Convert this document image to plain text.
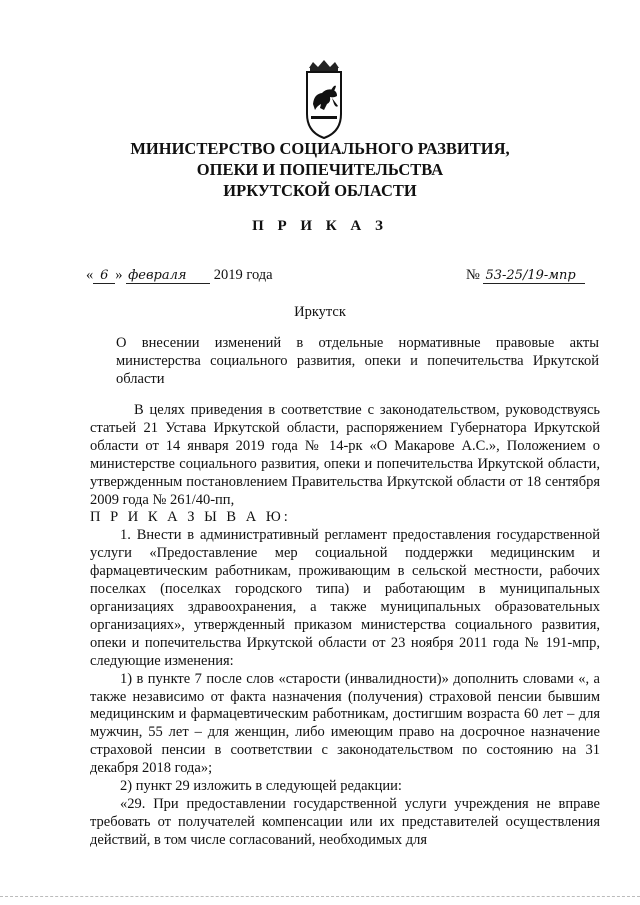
МИНИСТЕРСТВО СОЦИАЛЬНОГО РАЗВИТИЯ,
ОПЕКИ И ПОПЕЧИТЕЛЬСТВА
ИРКУТСКОЙ ОБЛАСТИ
П Р И К А З
« 6 » февраля 2019 года	№ 53-25/19-мпр
Иркутск
О внесении изменений в отдельные нормативные правовые акты министерства социального развития, опеки и попечительства Иркутской области

В целях приведения в соответствие с законодательством, руководствуясь статьей 21 Устава Иркутской области, распоряжением Губернатора Иркутской области от 14 января 2019 года № 14-рк «О Макарове А.С.», Положением о министерстве социального развития, опеки и попечительства Иркутской области, утвержденным постановлением Правительства Иркутской области от 18 сентября 2009 года № 261/40-пп,

П Р И К А З Ы В А Ю:

1. Внести в административный регламент предоставления государственной услуги «Предоставление мер социальной поддержки медицинским и фармацевтическим работникам, проживающим в сельской местности, рабочих поселках (поселках городского типа) и работающим в муниципальных организациях здравоохранения, а также муниципальных образовательных организациях», утвержденный приказом министерства социального развития, опеки и попечительства Иркутской области от 23 ноября 2011 года № 191-мпр, следующие изменения:

1) в пункте 7 после слов «старости (инвалидности)» дополнить словами «, а также независимо от факта назначения (получения) страховой пенсии бывшим медицинским и фармацевтическим работникам, достигшим возраста 60 лет – для мужчин, 55 лет – для женщин, либо имеющим право на досрочное назначение страховой пенсии в соответствии с законодательством по состоянию на 31 декабря 2018 года»;

2) пункт 29 изложить в следующей редакции:

«29. При предоставлении государственной услуги учреждения не вправе требовать от получателей компенсации или их представителей осуществления действий, в том числе согласований, необходимых для
